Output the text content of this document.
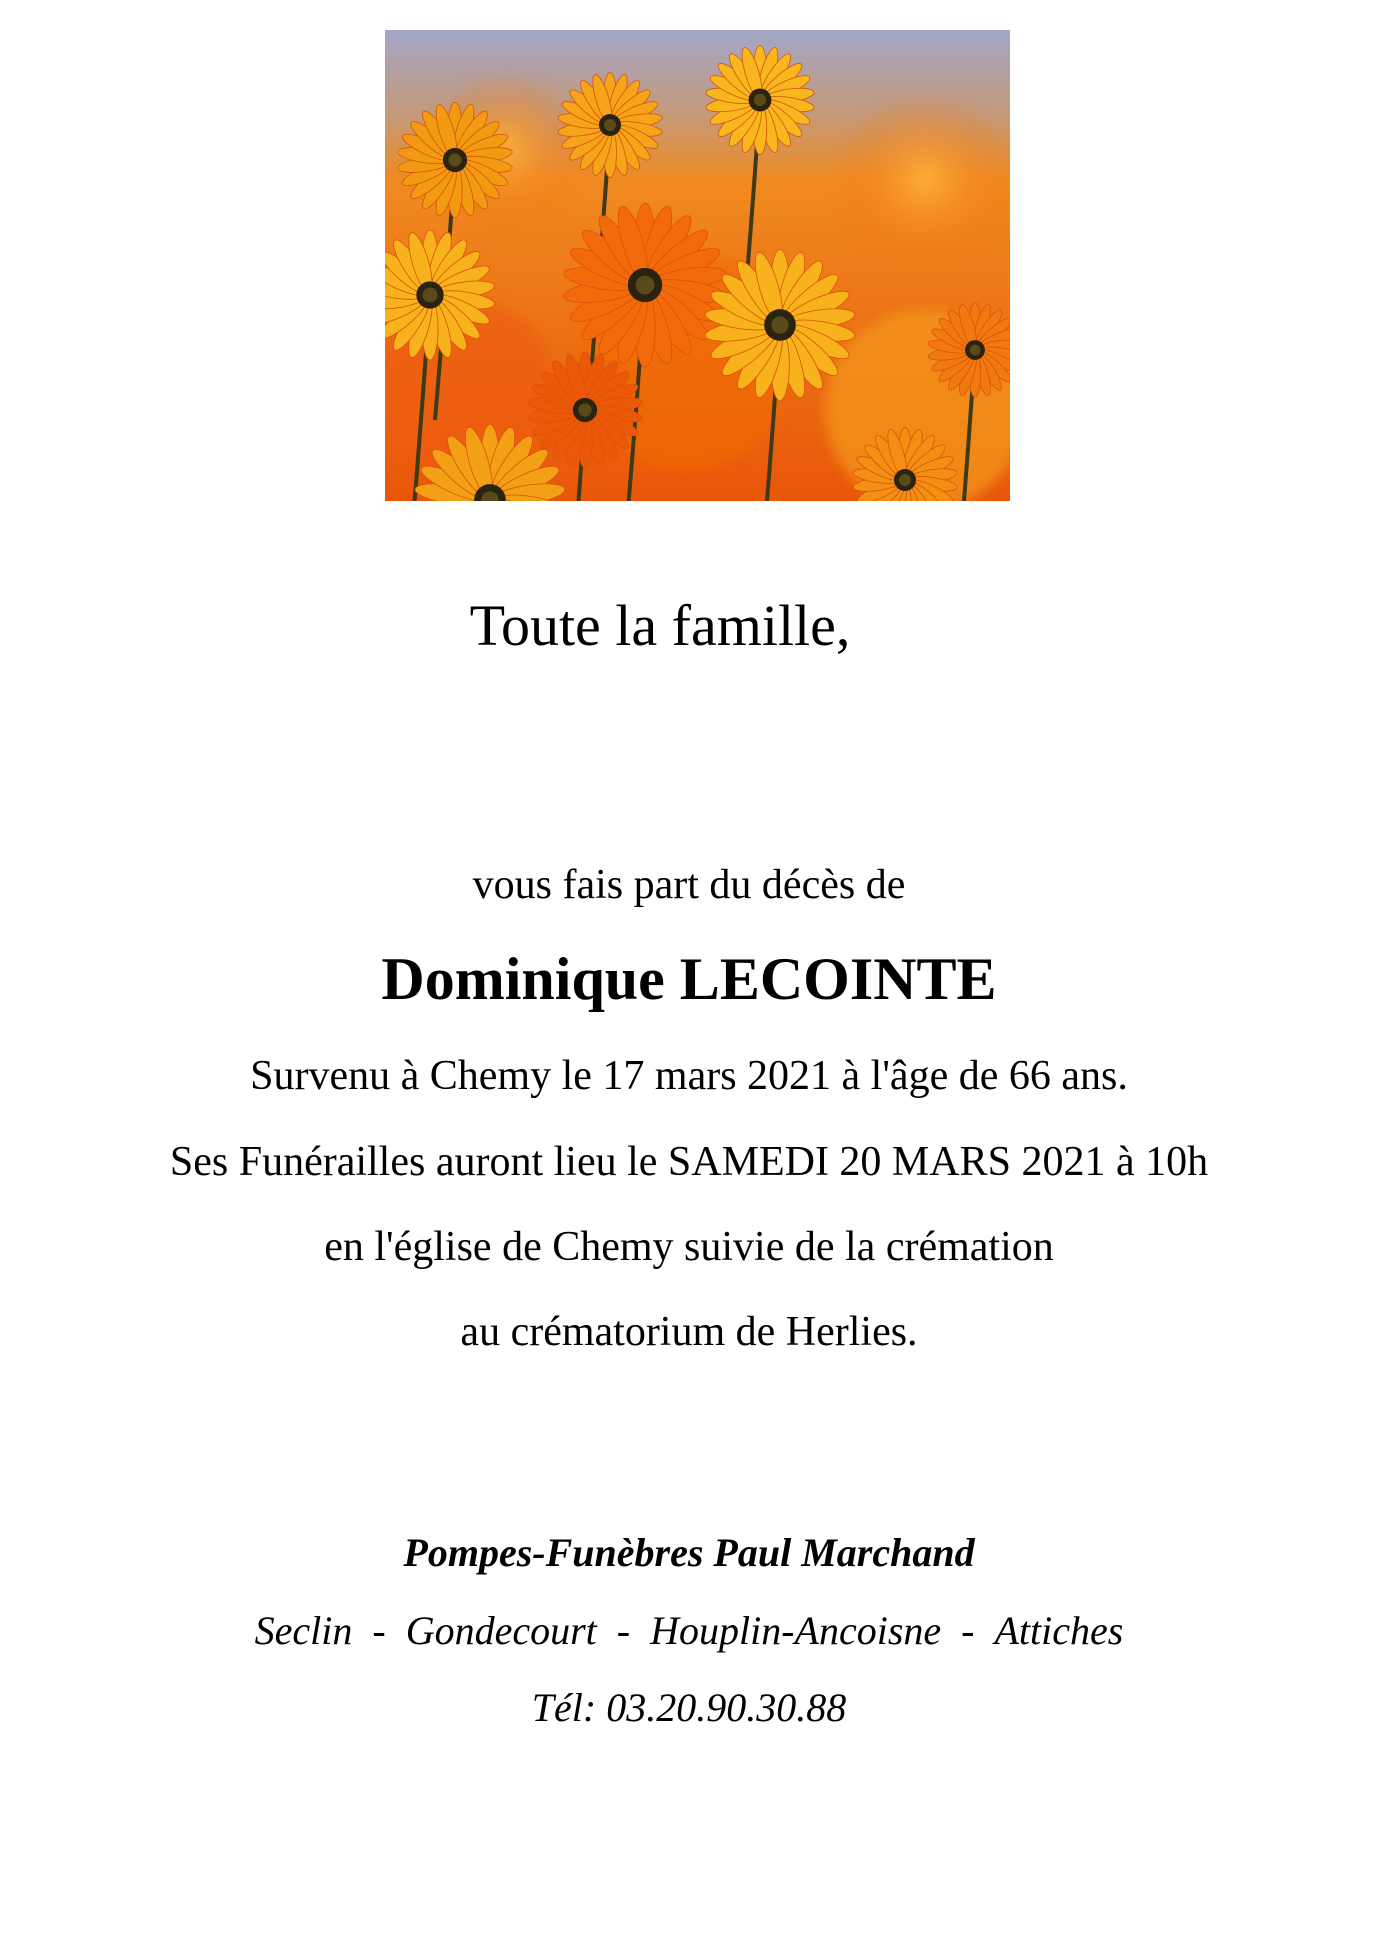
Toute la famille,
vous fais part du décès de
Dominique LECOINTE
Survenu à Chemy le 17 mars 2021 à l'âge de 66 ans.
Ses Funérailles auront lieu le SAMEDI 20 MARS 2021 à 10h
en l'église de Chemy suivie de la crémation
au crématorium de Herlies.
Pompes-Funèbres Paul Marchand
Seclin - Gondecourt - Houplin-Ancoisne - Attiches
Tél: 03.20.90.30.88
